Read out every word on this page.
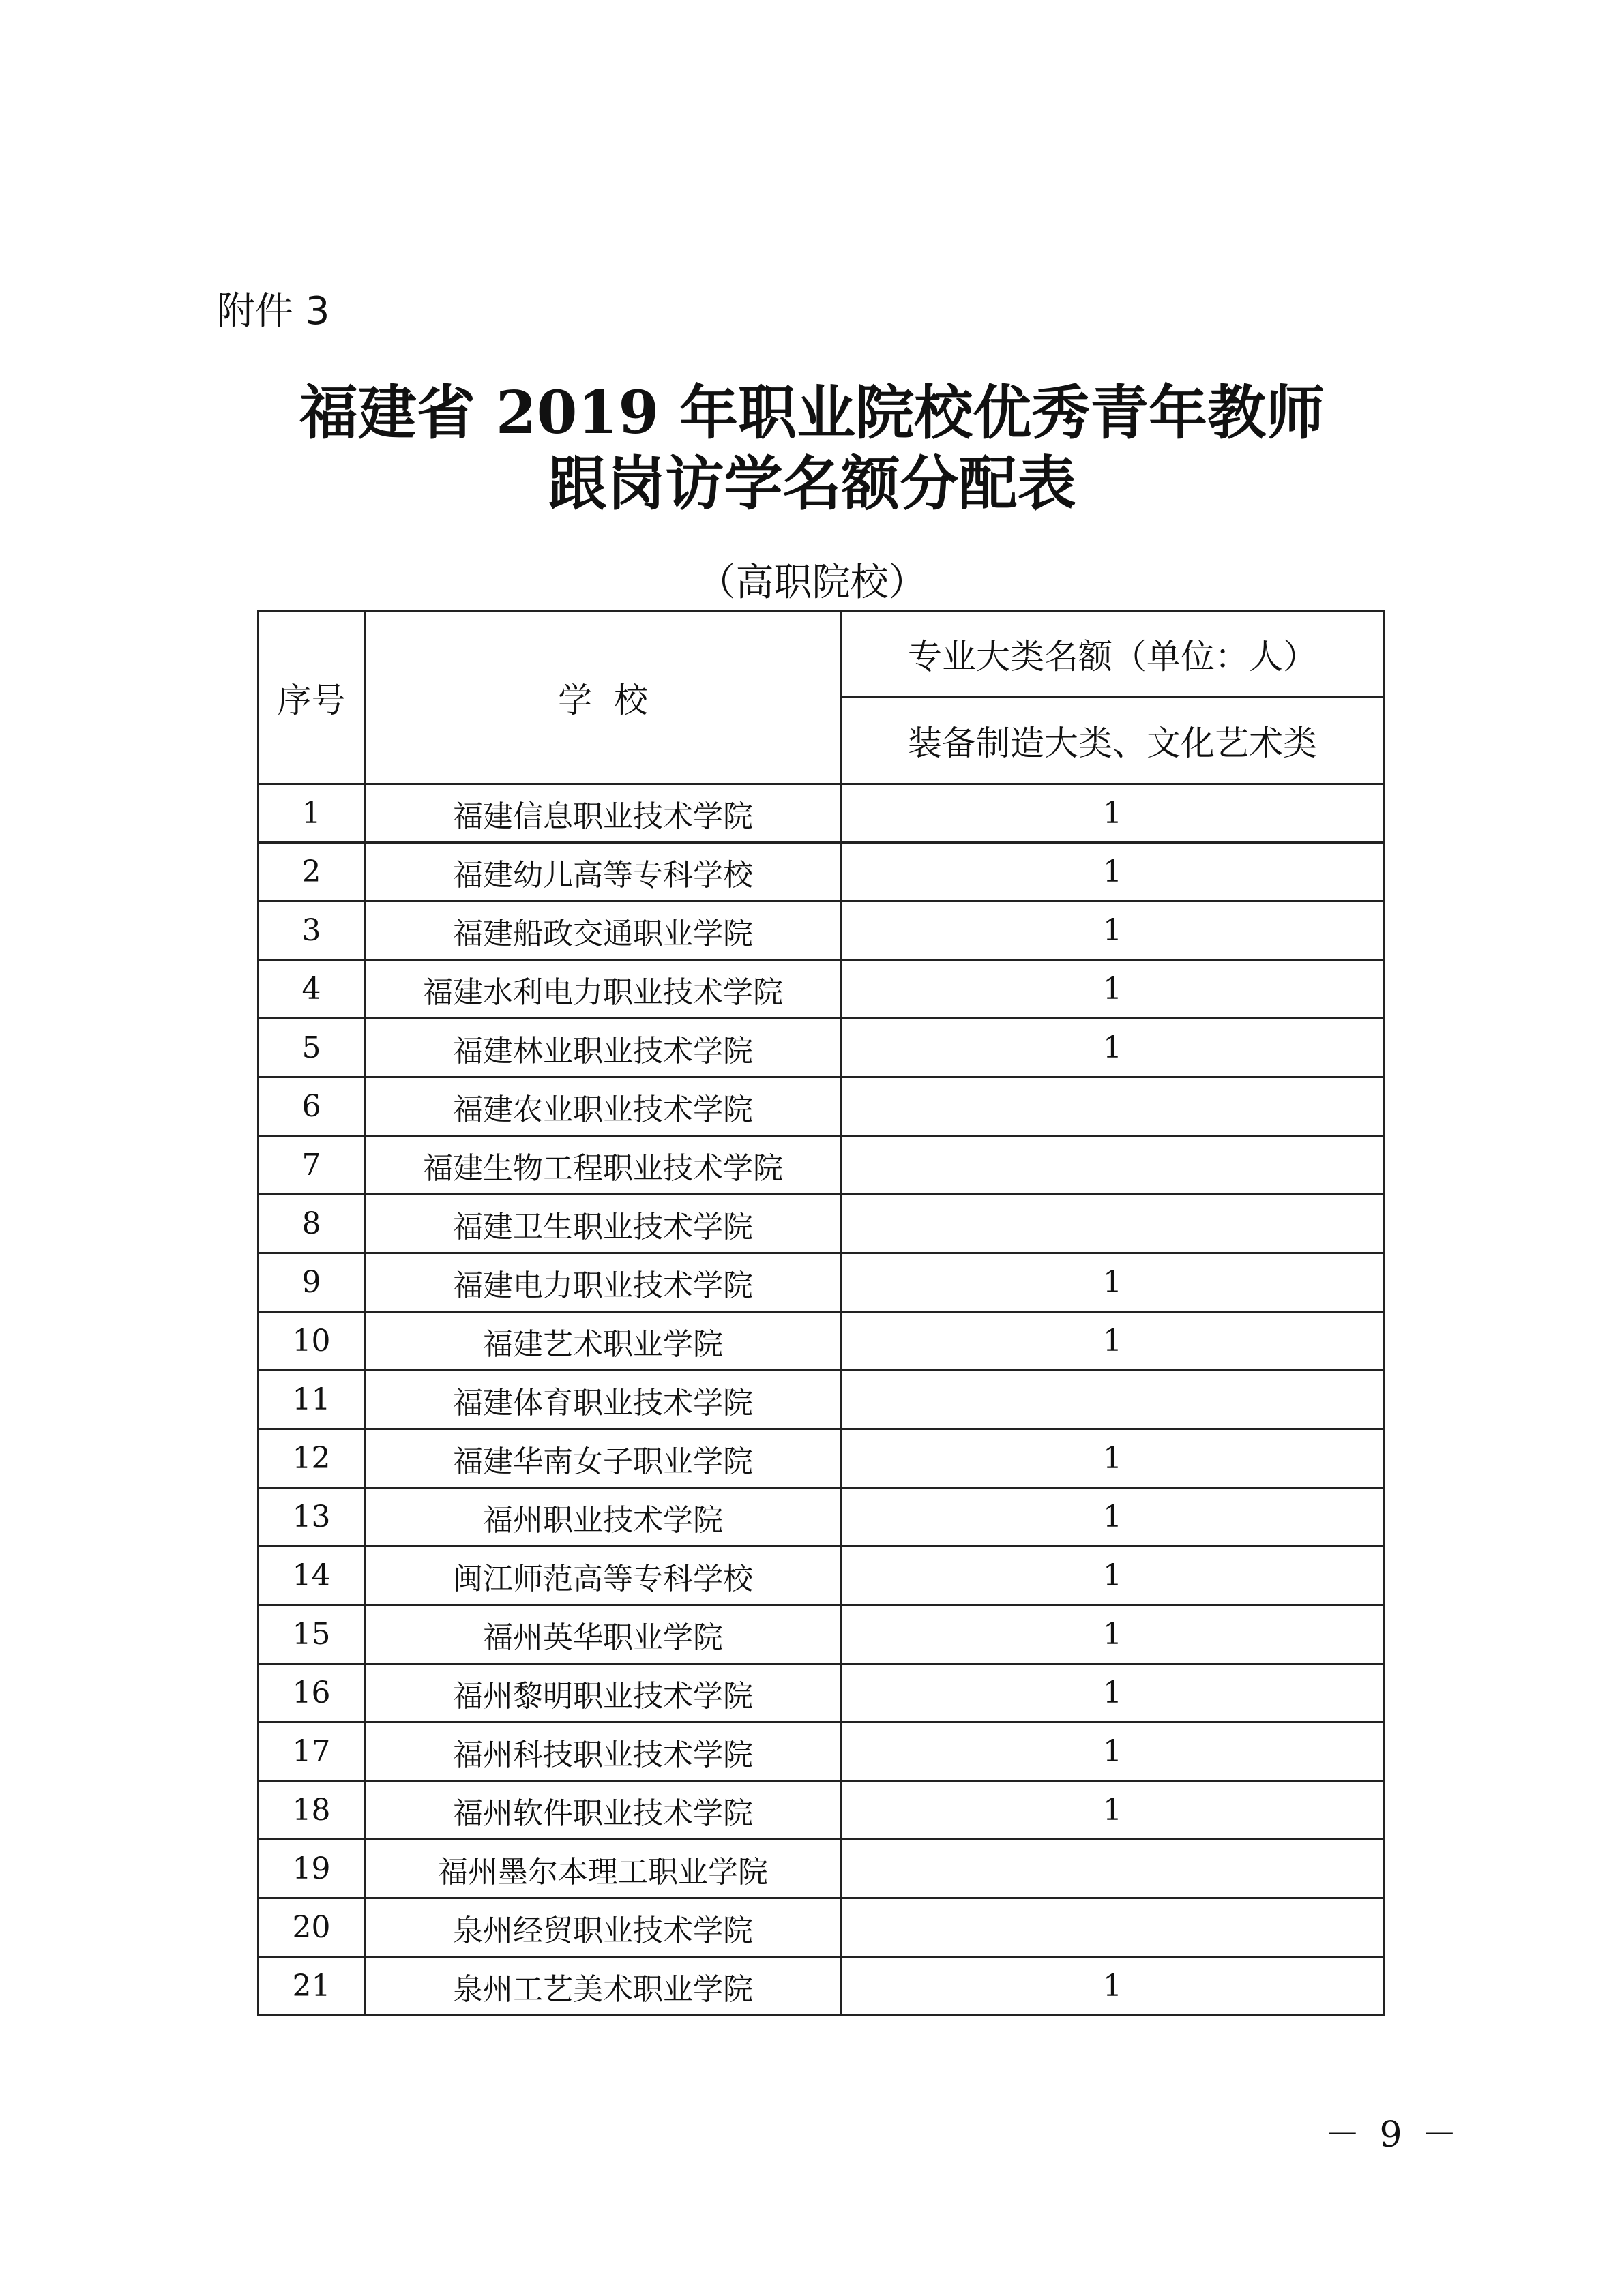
附件 3
福建省 2019 年职业院校优秀青年教师
跟岗访学名额分配表
（高职院校）
序号	学  校	专业大类名额（单位：人）
		装备制造大类、文化艺术类
1	福建信息职业技术学院	1
2	福建幼儿高等专科学校	1
3	福建船政交通职业学院	1
4	福建水利电力职业技术学院	1
5	福建林业职业技术学院	1
6	福建农业职业技术学院	
7	福建生物工程职业技术学院	
8	福建卫生职业技术学院	
9	福建电力职业技术学院	1
10	福建艺术职业学院	1
11	福建体育职业技术学院	
12	福建华南女子职业学院	1
13	福州职业技术学院	1
14	闽江师范高等专科学校	1
15	福州英华职业学院	1
16	福州黎明职业技术学院	1
17	福州科技职业技术学院	1
18	福州软件职业技术学院	1
19	福州墨尔本理工职业学院	
20	泉州经贸职业技术学院	
21	泉州工艺美术职业学院	1
－ 9 －
